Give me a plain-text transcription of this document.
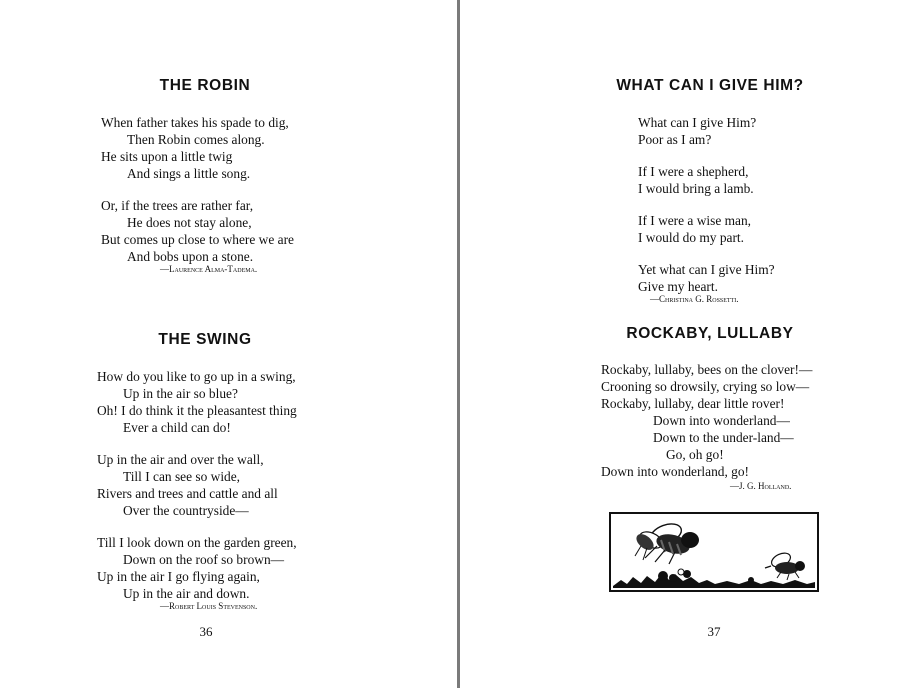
THE ROBIN
When father takes his spade to dig,
Then Robin comes along.
He sits upon a little twig
And sings a little song.
Or, if the trees are rather far,
He does not stay alone,
But comes up close to where we are
And bobs upon a stone.
—Laurence Alma-Tadema.
THE SWING
How do you like to go up in a swing,
Up in the air so blue?
Oh! I do think it the pleasantest thing
Ever a child can do!
Up in the air and over the wall,
Till I can see so wide,
Rivers and trees and cattle and all
Over the countryside—
Till I look down on the garden green,
Down on the roof so brown—
Up in the air I go flying again,
Up in the air and down.
—Robert Louis Stevenson.
36
WHAT CAN I GIVE HIM?
What can I give Him?
Poor as I am?
If I were a shepherd,
I would bring a lamb.
If I were a wise man,
I would do my part.
Yet what can I give Him?
Give my heart.
—Christina G. Rossetti.
ROCKABY, LULLABY
Rockaby, lullaby, bees on the clover!—
Crooning so drowsily, crying so low—
Rockaby, lullaby, dear little rover!
Down into wonderland—
Down to the under-land—
Go, oh go!
Down into wonderland, go!
—J. G. Holland.
37
